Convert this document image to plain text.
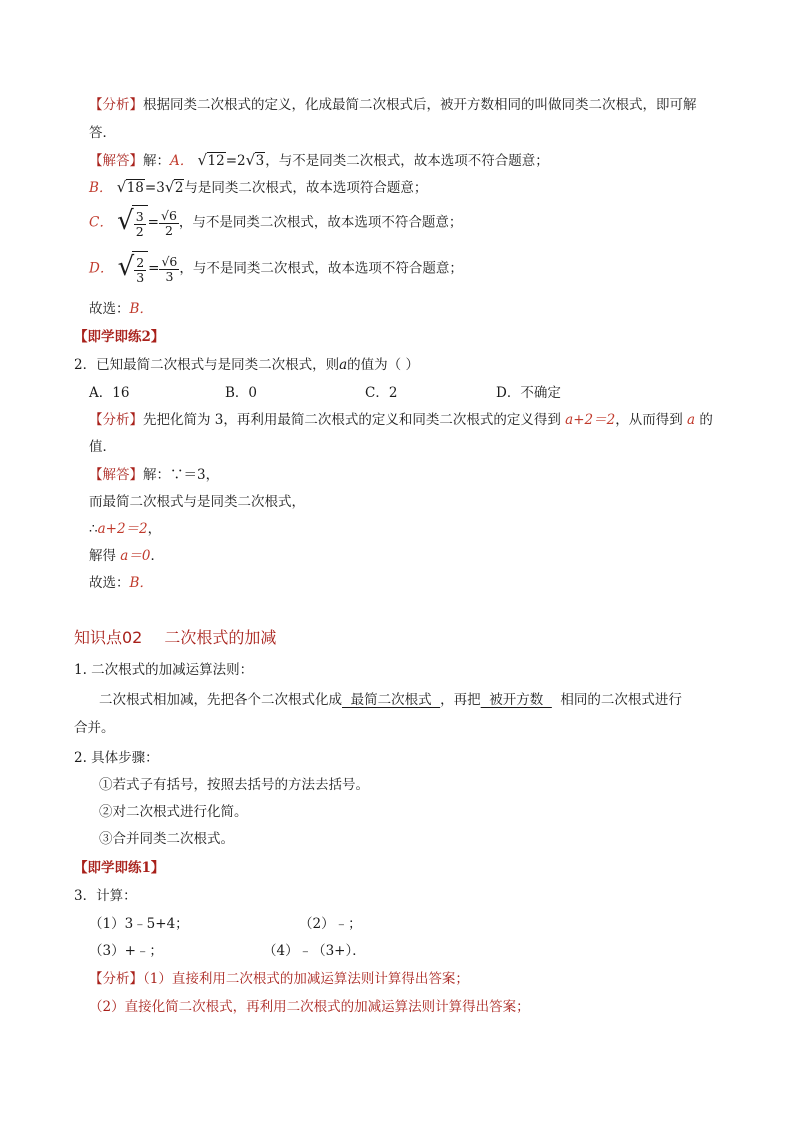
【分析】根据同类二次根式的定义，化成最简二次根式后，被开方数相同的叫做同类二次根式，即可解
答．
【解答】解：A． √ 12=2 √ 3，与不是同类二次根式，故本选项不符合题意；
B． √ 18=3 √ 2与是同类二次根式，故本选项符合题意；
C． √ $\frac{3}{2} = \frac{√6}{2}$ ，与不是同类二次根式，故本选项不符合题意；
D． √ $\frac{2}{3} = \frac{√6}{3}$ ，与不是同类二次根式，故本选项不符合题意；
故选：B．
【即学即练2】
2．已知最简二次根式与是同类二次根式，则a的值为（ ）
A．16	B．0	C．2	D．不确定
【分析】先把化简为 3，再利用最简二次根式的定义和同类二次根式的定义得到 a+2＝2，从而得到 a 的
值．
【解答】解：∵＝3，
而最简二次根式与是同类二次根式，
∴a+2＝2，
解得 a＝0．
故选：B．
知识点02 二次根式的加减
1. 二次根式的加减运算法则：
二次根式相加减，先把各个二次根式化成  最简二次根式  ，再把  被开方数    相同的二次根式进行
合并。
2. 具体步骤：
①若式子有括号，按照去括号的方法去括号。
②对二次根式进行化简。
③合并同类二次根式。
【即学即练1】
3．计算：
（1）3﹣5+4；	（2）﹣；
（3）+﹣；	（4）﹣（3+）．
【分析】（1）直接利用二次根式的加减运算法则计算得出答案；
（2）直接化简二次根式，再利用二次根式的加减运算法则计算得出答案；
